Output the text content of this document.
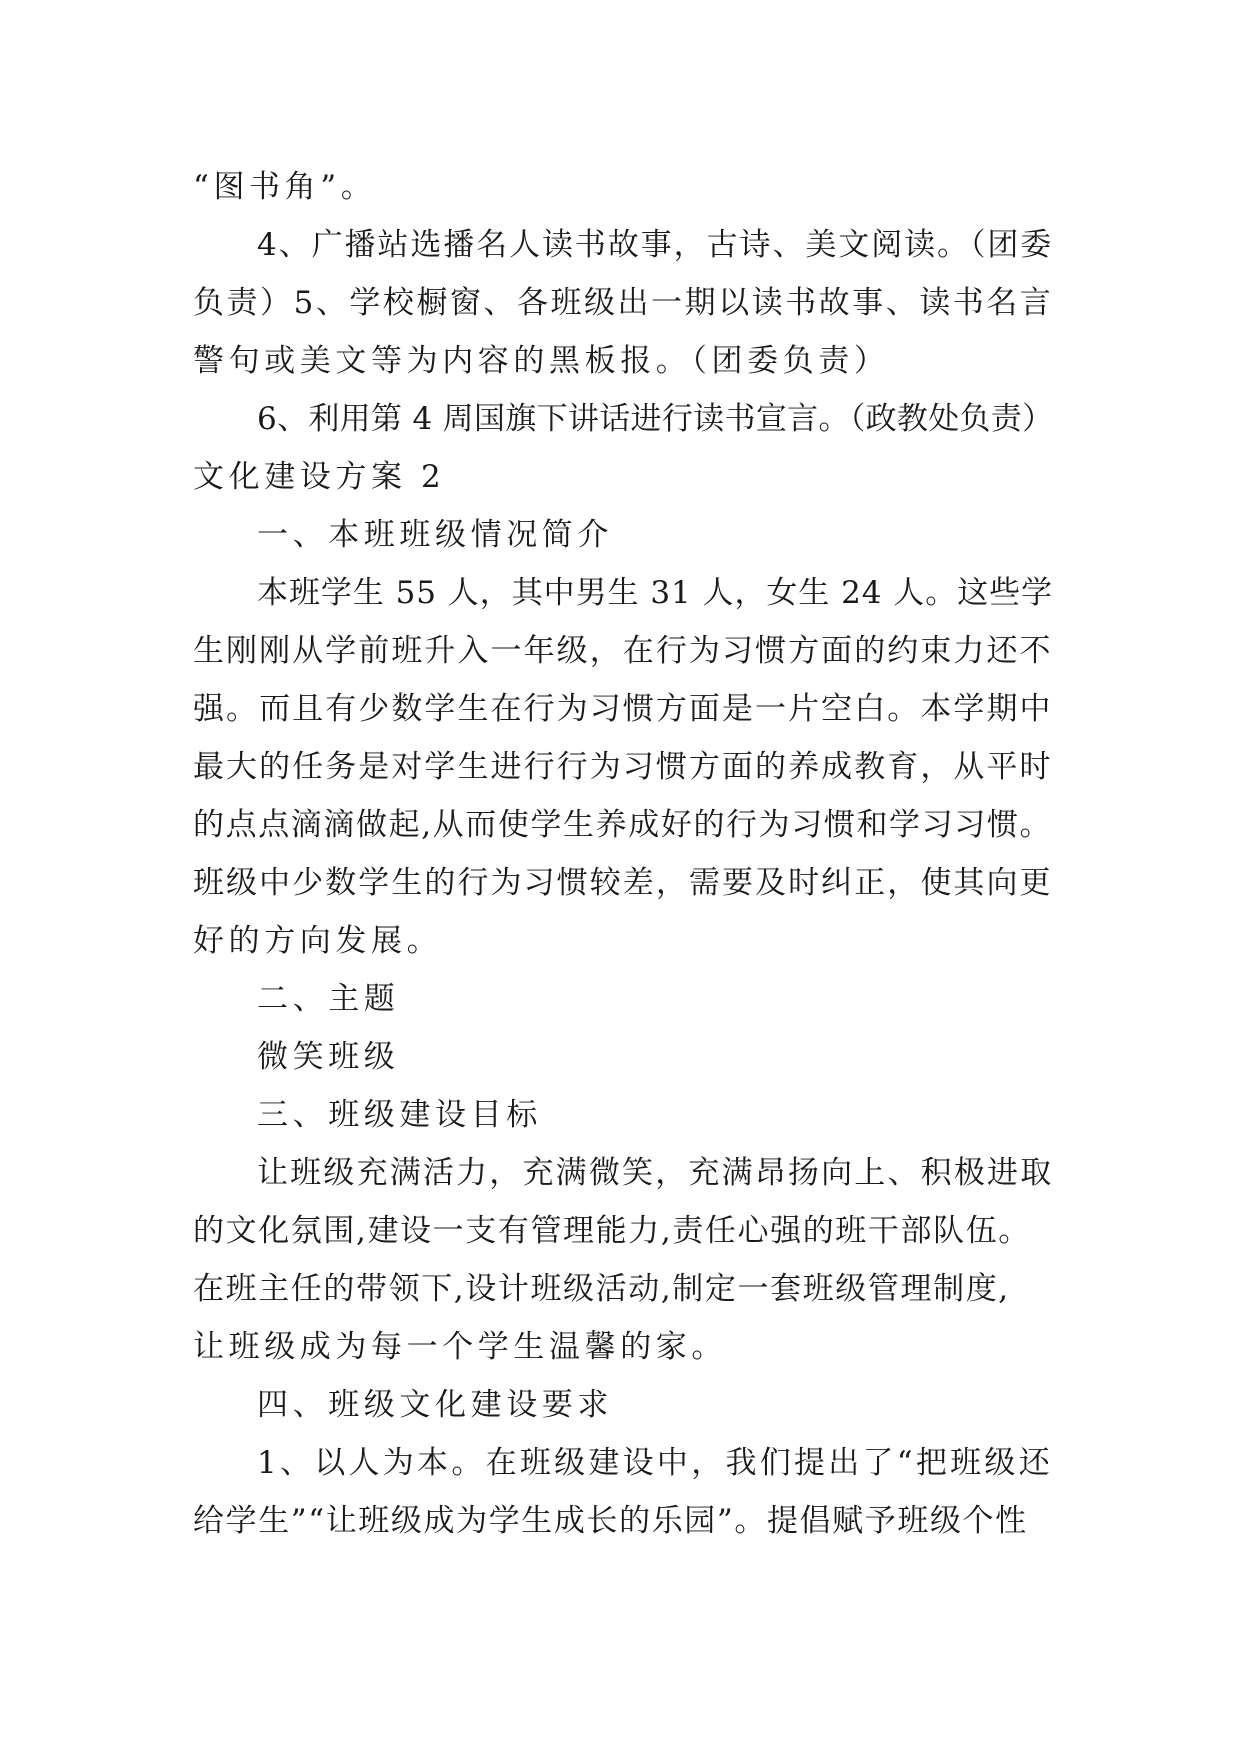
“图书角”。
4、广播站选播名人读书故事，古诗、美文阅读。（团委
负责）5、学校橱窗、各班级出一期以读书故事、读书名言
警句或美文等为内容的黑板报。（团委负责）
6、利用第 4 周国旗下讲话进行读书宣言。（政教处负责）
文化建设方案 2
一、本班班级情况简介
本班学生 55 人，其中男生 31 人，女生 24 人。这些学
生刚刚从学前班升入一年级，在行为习惯方面的约束力还不
强。而且有少数学生在行为习惯方面是一片空白。本学期中
最大的任务是对学生进行行为习惯方面的养成教育，从平时
的点点滴滴做起,从而使学生养成好的行为习惯和学习习惯。
班级中少数学生的行为习惯较差，需要及时纠正，使其向更
好的方向发展。
二、主题
微笑班级
三、班级建设目标
让班级充满活力，充满微笑，充满昂扬向上、积极进取
的文化氛围,建设一支有管理能力,责任心强的班干部队伍。
在班主任的带领下,设计班级活动,制定一套班级管理制度,
让班级成为每一个学生温馨的家。
四、班级文化建设要求
1、以人为本。在班级建设中，我们提出了“把班级还
给学生”“让班级成为学生成长的乐园”。提倡赋予班级个性
